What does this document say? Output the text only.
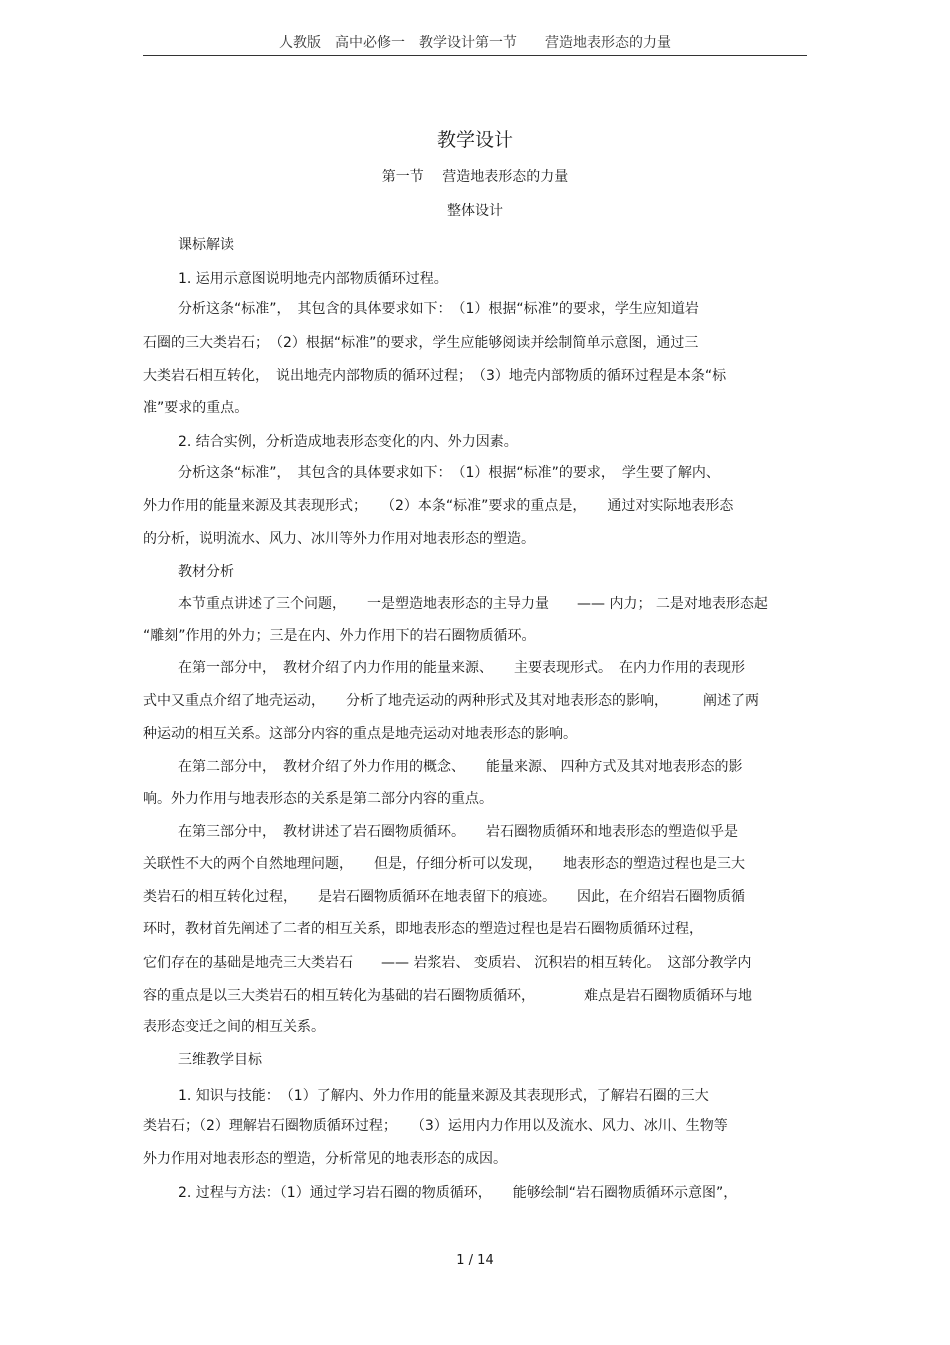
人教版　高中必修一　教学设计第一节　　营造地表形态的力量
教学设计
第一节　 营造地表形态的力量
整体设计
课标解读
1. 运用示意图说明地壳内部物质循环过程。
分析这条“标准”，　其包含的具体要求如下：　（1）根据“标准”的要求，学生应知道岩
石圈的三大类岩石；　（2）根据“标准”的要求，学生应能够阅读并绘制简单示意图，通过三
大类岩石相互转化，　说出地壳内部物质的循环过程；　（3）地壳内部物质的循环过程是本条“标
准”要求的重点。
2. 结合实例，分析造成地表形态变化的内、外力因素。
分析这条“标准”，　其包含的具体要求如下：　（1）根据“标准”的要求，　学生要了解内、
外力作用的能量来源及其表现形式；　　（2）本条“标准”要求的重点是，　　通过对实际地表形态
的分析，说明流水、风力、冰川等外力作用对地表形态的塑造。
教材分析
本节重点讲述了三个问题，　　一是塑造地表形态的主导力量　　—— 内力； 二是对地表形态起
“雕刻”作用的外力；三是在内、外力作用下的岩石圈物质循环。
在第一部分中，　教材介绍了内力作用的能量来源、　　主要表现形式。　在内力作用的表现形
式中又重点介绍了地壳运动，　　分析了地壳运动的两种形式及其对地表形态的影响，　　　阐述了两
种运动的相互关系。这部分内容的重点是地壳运动对地表形态的影响。
在第二部分中，　教材介绍了外力作用的概念、　　能量来源、 四种方式及其对地表形态的影
响。外力作用与地表形态的关系是第二部分内容的重点。
在第三部分中，　教材讲述了岩石圈物质循环。　　岩石圈物质循环和地表形态的塑造似乎是
关联性不大的两个自然地理问题，　　但是，仔细分析可以发现，　　地表形态的塑造过程也是三大
类岩石的相互转化过程，　　是岩石圈物质循环在地表留下的痕迹。　　因此，在介绍岩石圈物质循
环时，教材首先阐述了二者的相互关系，即地表形态的塑造过程也是岩石圈物质循环过程，
它们存在的基础是地壳三大类岩石　　—— 岩浆岩、 变质岩、 沉积岩的相互转化。　这部分教学内
容的重点是以三大类岩石的相互转化为基础的岩石圈物质循环，　　　　难点是岩石圈物质循环与地
表形态变迁之间的相互关系。
三维教学目标
1. 知识与技能：　（1）了解内、外力作用的能量来源及其表现形式，了解岩石圈的三大
类岩石；（2）理解岩石圈物质循环过程；　　（3）运用内力作用以及流水、风力、冰川、生物等
外力作用对地表形态的塑造，分析常见的地表形态的成因。
2. 过程与方法：（1）通过学习岩石圈的物质循环，　　能够绘制“岩石圈物质循环示意图”，
1 / 14
